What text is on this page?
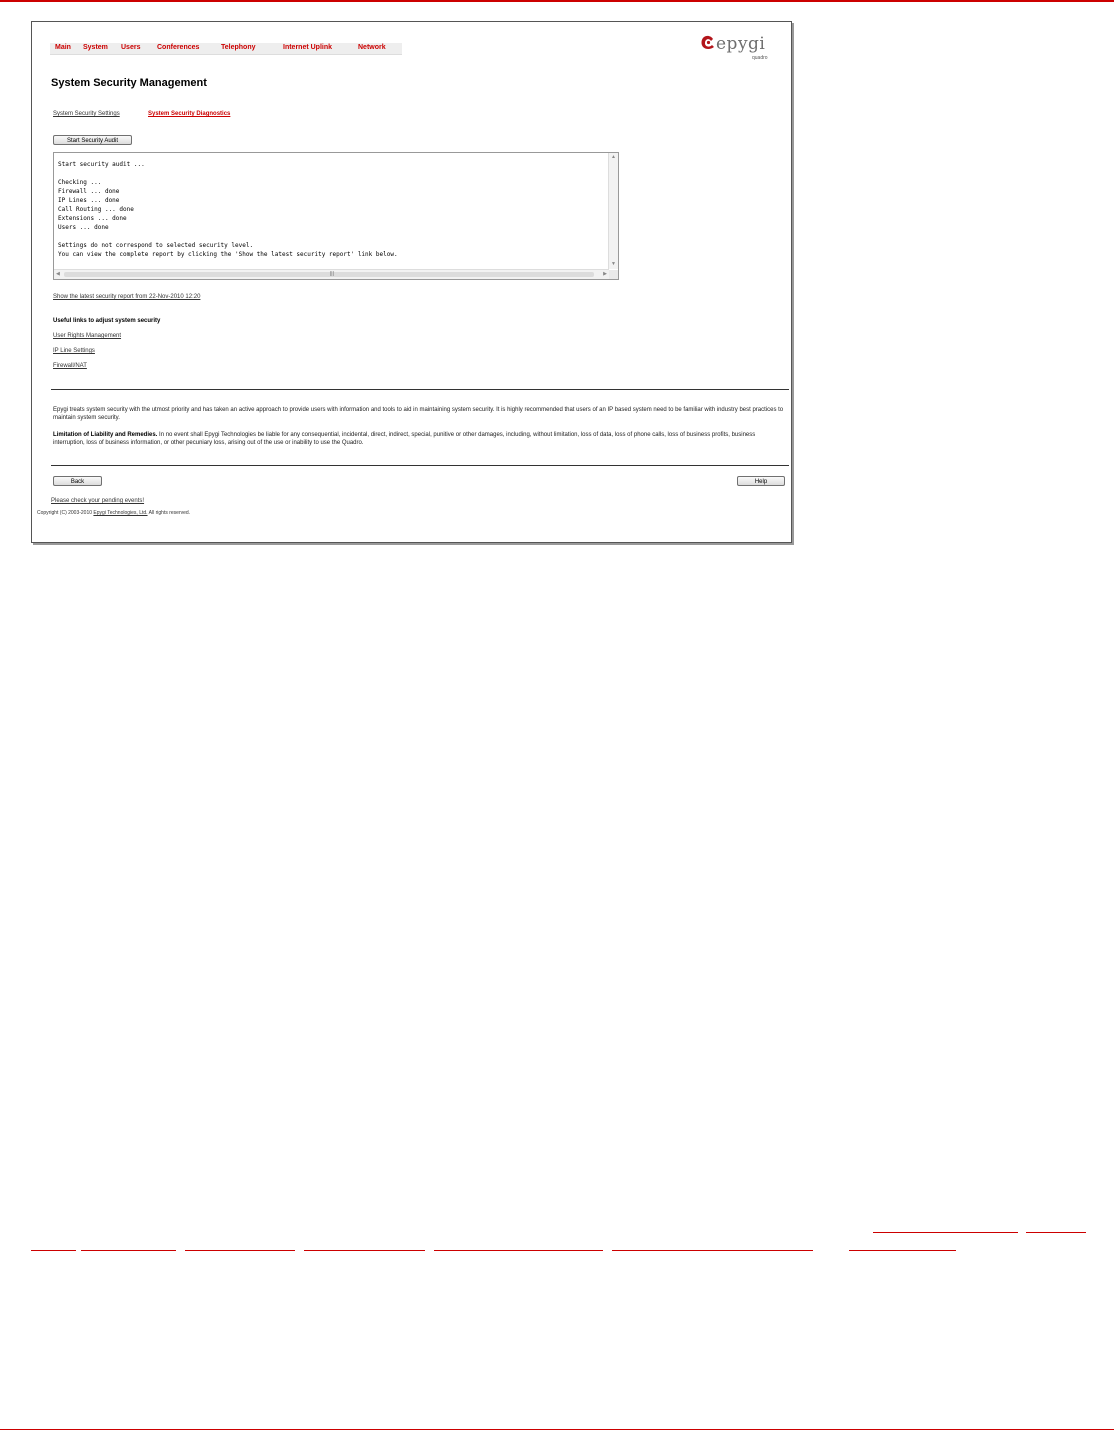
Main System Users Conferences	Telephony	Internet Uplink	Network	epygi
quadro
System Security Management
System Security Settings	System Security Diagnostics
Start Security Audit
Start security audit ...

Checking ...
Firewall ... done
IP Lines ... done
Call Routing ... done
Extensions ... done
Users ... done

Settings do not correspond to selected security level.
You can view the complete report by clicking the 'Show the latest security report' link below.
▲
▼
◀	|||	▶
Show the latest security report from 22-Nov-2010 12:20
Useful links to adjust system security
User Rights Management
IP Line Settings
Firewall/NAT

Epygi treats system security with the utmost priority and has taken an active approach to provide users with information and tools to aid in maintaining system security. It is highly recommended that users of an IP based system need to be familiar with industry best practices to maintain system security.

Limitation of Liability and Remedies. In no event shall Epygi Technologies be liable for any consequential, incidental, direct, indirect, special, punitive or other damages, including, without limitation, loss of data, loss of phone calls, loss of business profits, business interruption, loss of business information, or other pecuniary loss, arising out of the use or inability to use the Quadro.

Back	Help
Please check your pending events!
Copyright (C) 2003-2010 Epygi Technologies, Ltd. All rights reserved.
